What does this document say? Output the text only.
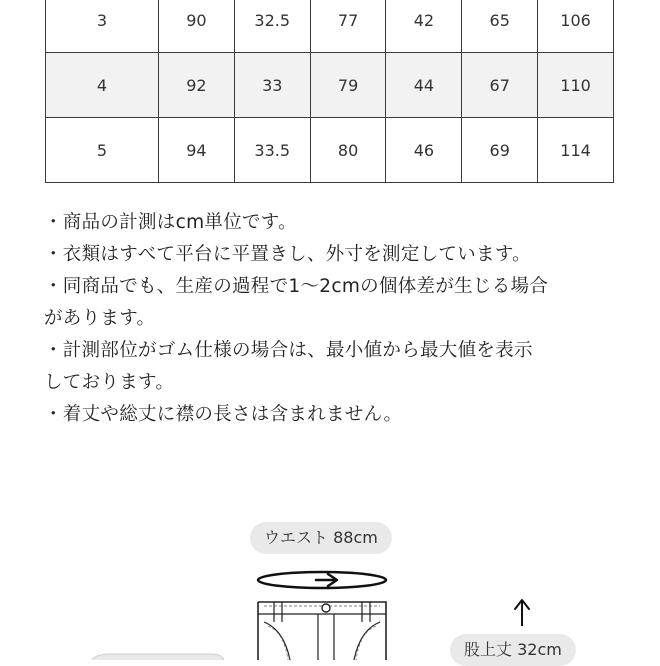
3	90	32.5	77	42	65	106
4	92	33	79	44	67	110
5	94	33.5	80	46	69	114
・商品の計測はcm単位です。
・衣類はすべて平台に平置きし、外寸を測定しています。
・同商品でも、生産の過程で1〜2cmの個体差が生じる場合
があります。
・計測部位がゴム仕様の場合は、最小値から最大値を表示
しております。
・着丈や総丈に襟の長さは含まれません。
ウエスト 88cm
股上丈 32cm
